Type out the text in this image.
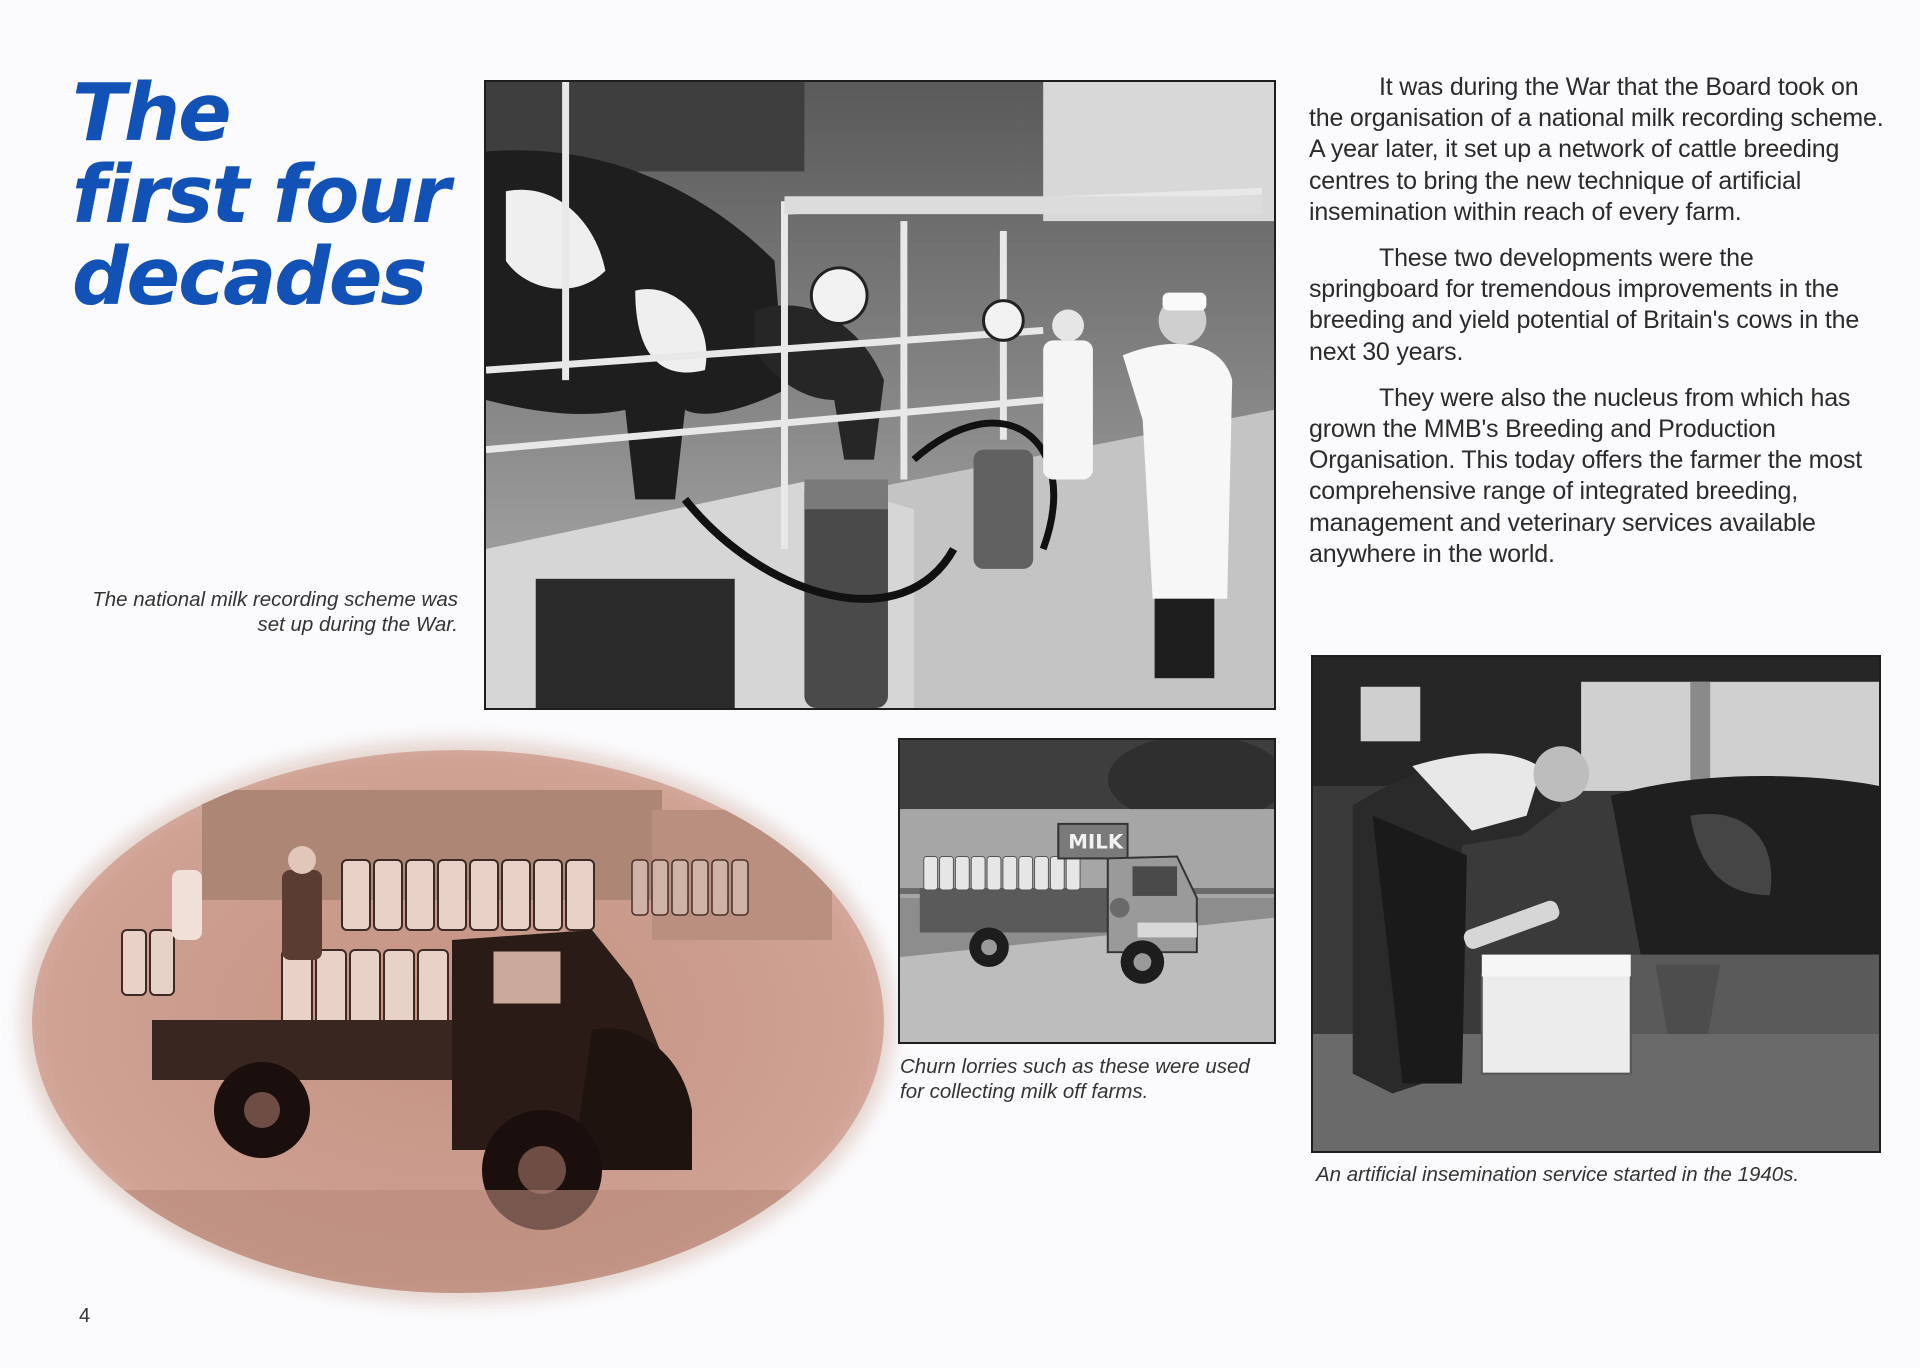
The
first four
decades

The national milk recording scheme was set up during the War.

It was during the War that the Board took on the organisation of a national milk recording scheme. A year later, it set up a network of cattle breeding centres to bring the new technique of artificial insemination within reach of every farm.

These two developments were the springboard for tremendous improvements in the breeding and yield potential of Britain's cows in the next 30 years.

They were also the nucleus from which has grown the MMB's Breeding and Production Organisation. This today offers the farmer the most comprehensive range of integrated breeding, management and veterinary services available anywhere in the world.

MILK

Churn lorries such as these were used for collecting milk off farms.

An artificial insemination service started in the 1940s.

4
